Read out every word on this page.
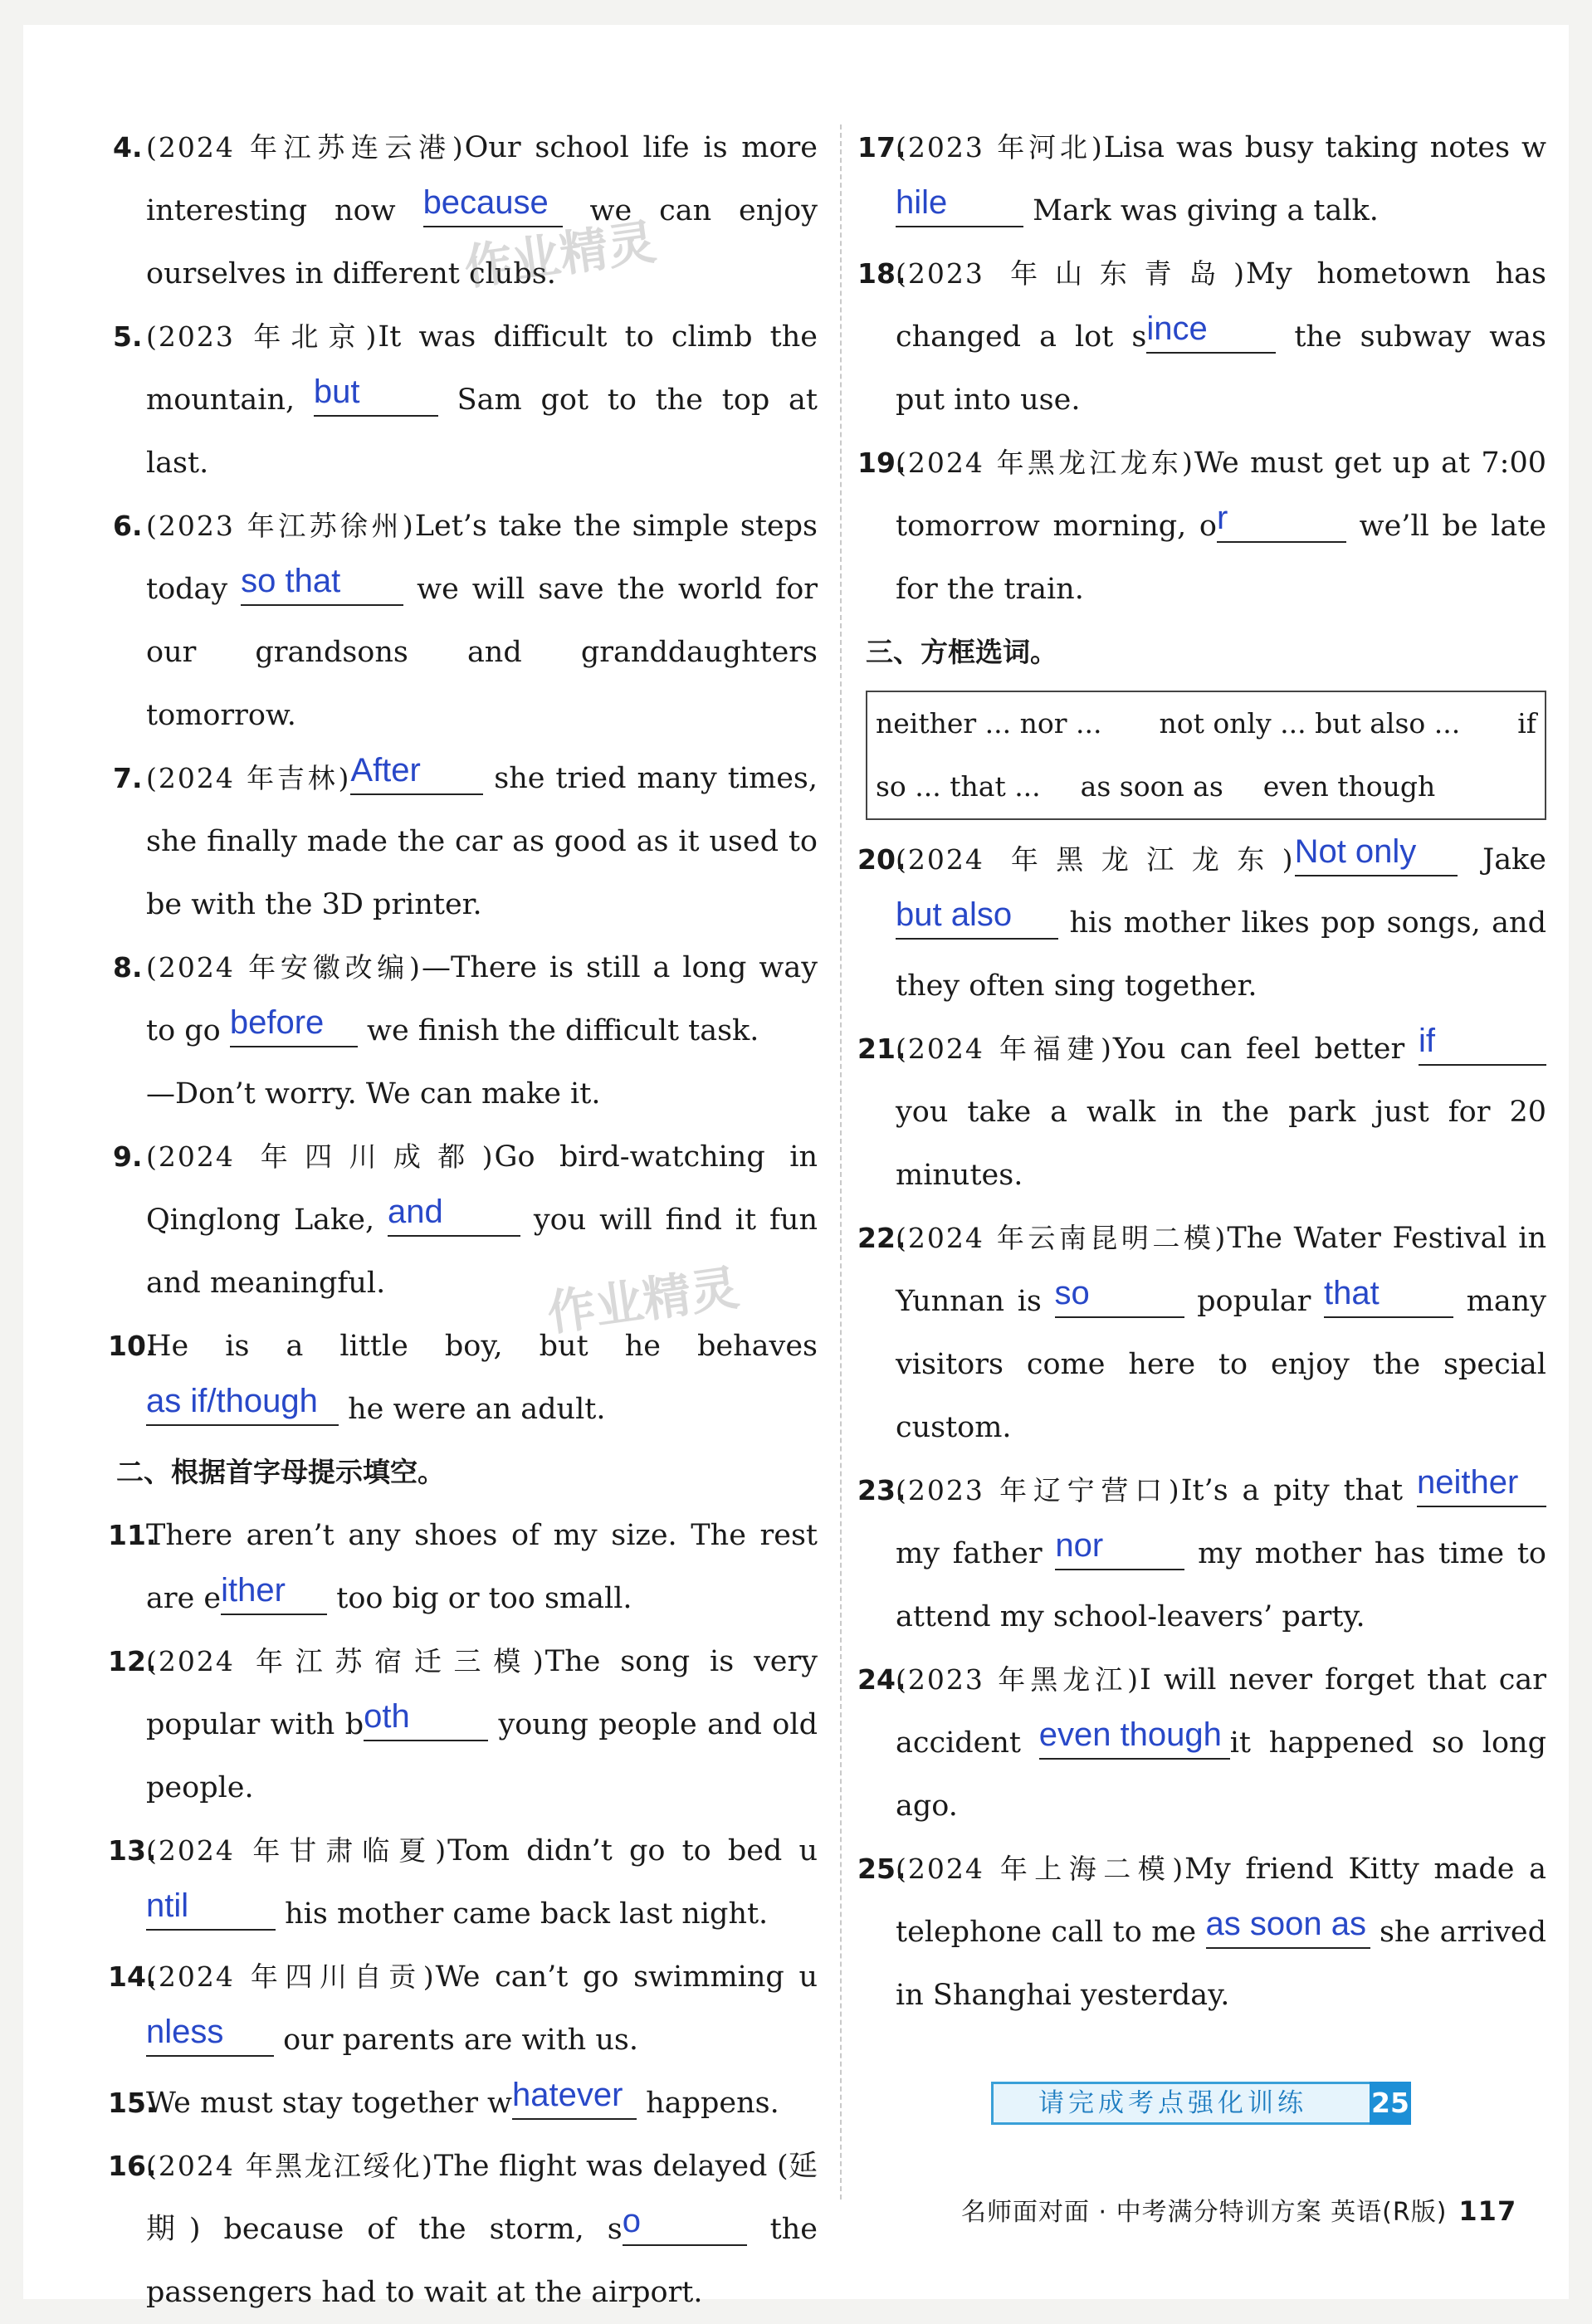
4. (2024 年江苏连云港)Our school life is more interesting now because we can enjoy ourselves in different clubs.

5. (2023 年北京)It was difficult to climb the mountain, but	Sam got to the top at last.

6. (2023 年江苏徐州)Let’s take the simple steps today so that we will save the world for our grandsons and granddaughters tomorrow.

7. (2024 年吉林)After she tried many times, she finally made the car as good as it used to be with the 3D printer.

8. (2024 年安徽改编)—There is still a long way to go before we finish the difficult task.
—Don’t worry. We can make it.

9. (2024 年四川成都)Go bird-watching in Qinglong Lake, and	you will find it fun and meaningful.

10.
He is a little boy, but he behaves as if/though he were an adult.

二、根据首字母提示填空。

11.
There aren’t any shoes of my size. The rest are either too big or too small.

12.
(2024 年江苏宿迁三模)The song is very popular with both	young people and old people.

13.
(2024 年甘肃临夏)Tom didn’t go to bed until	his mother came back last night.

14.
(2024 年四川自贡)We can’t go swimming unless our parents are with us.

15.
We must stay together whatever happens.

16.
(2024 年黑龙江绥化)The flight was delayed (延期) because of the storm, so	the passengers had to wait at the airport.

17.
(2023 年河北)Lisa was busy taking notes while	Mark was giving a talk.

18.
(2023 年山东青岛)My hometown has changed a lot since the subway was put into use.

19.
(2024 年黑龙江龙东)We must get up at 7:00 tomorrow morning, or	we’ll be late for the train.

三、方框选词。

neither ... nor ... not only ... but also ... if
so ... that ... as soon as even though

20.
(2024 年黑龙江龙东)Not only Jake but also his mother likes pop songs, and they often sing together.

21.
(2024 年福建)You can feel better if you take a walk in the park just for 20 minutes.

22.
(2024 年云南昆明二模)The Water Festival in Yunnan is so	popular that	many visitors come here to enjoy the special custom.

23.
(2023 年辽宁营口)It’s a pity that neither my father nor	my mother has time to attend my school-leavers’ party.

24.
(2023 年黑龙江)I will never forget that car accident even though it happened so long ago.

25.
(2024 年上海二模)My friend Kitty made a telephone call to me as soon as she arrived in Shanghai yesterday.

请完成考点强化训练 25
名师面对面 · 中考满分特训方案 英语(R版) 117
作业精灵
作业精灵
